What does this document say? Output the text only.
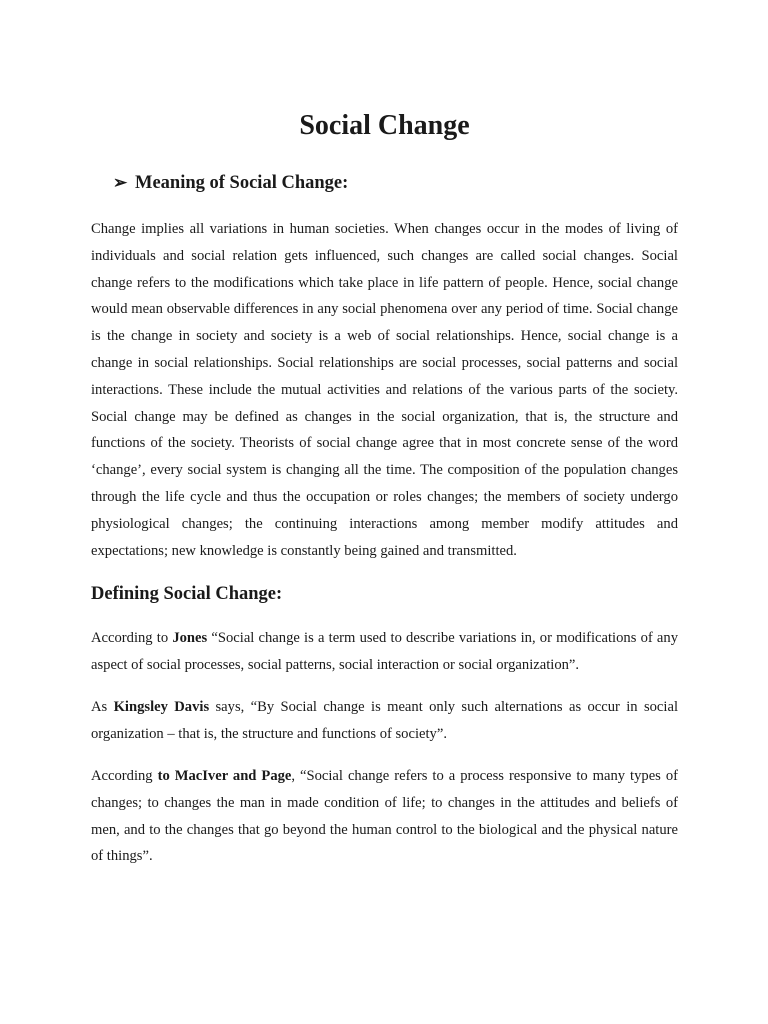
Social Change
➢ Meaning of Social Change:

Change implies all variations in human societies. When changes occur in the modes of living of individuals and social relation gets influenced, such changes are called social changes. Social change refers to the modifications which take place in life pattern of people. Hence, social change would mean observable differences in any social phenomena over any period of time. Social change is the change in society and society is a web of social relationships. Hence, social change is a change in social relationships. Social relationships are social processes, social patterns and social interactions. These include the mutual activities and relations of the various parts of the society. Social change may be defined as changes in the social organization, that is, the structure and functions of the society. Theorists of social change agree that in most concrete sense of the word ‘change’, every social system is changing all the time. The composition of the population changes through the life cycle and thus the occupation or roles changes; the members of society undergo physiological changes; the continuing interactions among member modify attitudes and expectations; new knowledge is constantly being gained and transmitted.

Defining Social Change:

According to Jones “Social change is a term used to describe variations in, or modifications of any aspect of social processes, social patterns, social interaction or social organization”.

As Kingsley Davis says, “By Social change is meant only such alternations as occur in social organization – that is, the structure and functions of society”.

According to MacIver and Page, “Social change refers to a process responsive to many types of changes; to changes the man in made condition of life; to changes in the attitudes and beliefs of men, and to the changes that go beyond the human control to the biological and the physical nature of things”.
